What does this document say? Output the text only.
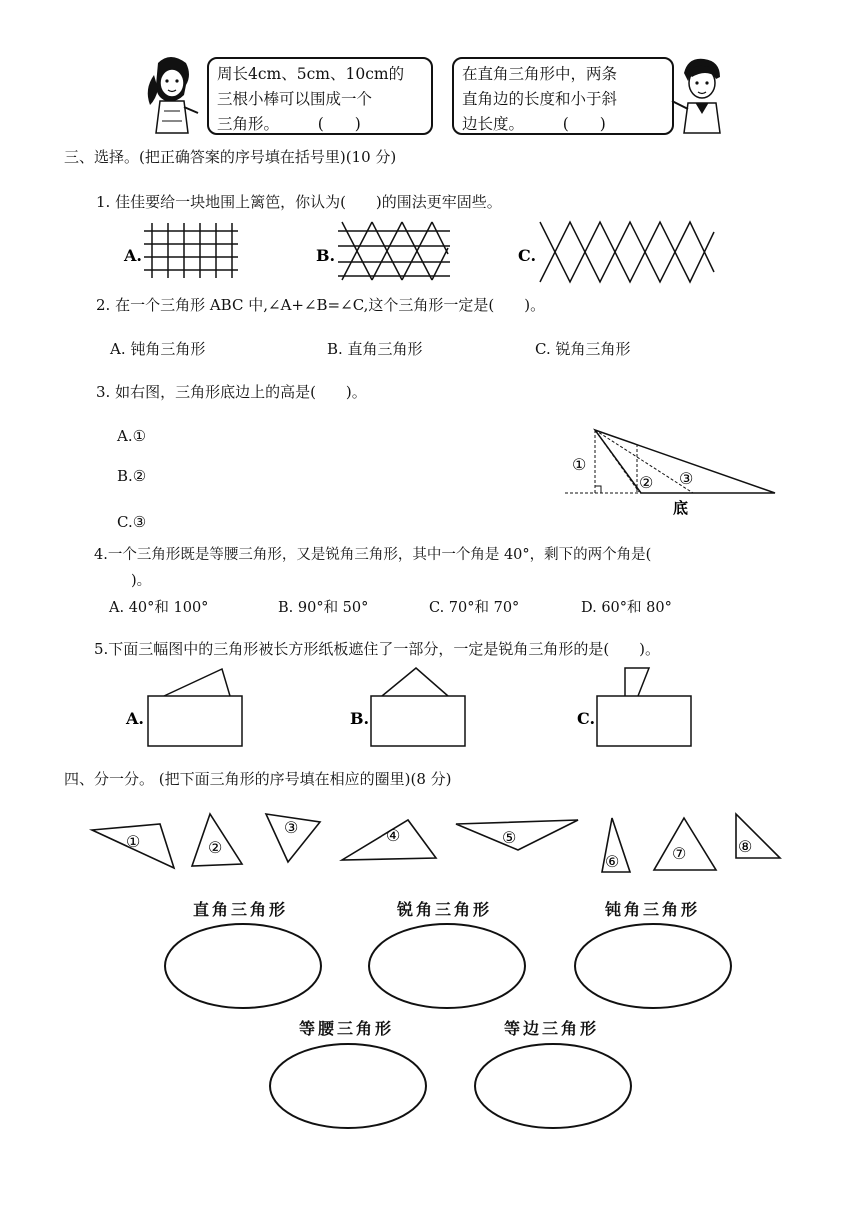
周长4cm、5cm、10cm的
三根小棒可以围成一个
三角形。　　　(　　)
在直角三角形中，两条
直角边的长度和小于斜
边长度。　　　(　　)
三、选择。(把正确答案的序号填在括号里)(10 分)
1. 佳佳要给一块地围上篱笆，你认为(　　)的围法更牢固些。
A.	B.	C.
2. 在一个三角形 ABC 中,∠A+∠B=∠C,这个三角形一定是(　　)。
A. 钝角三角形	B. 直角三角形	C. 锐角三角形
3. 如右图，三角形底边上的高是(　　)。
A.①
B.②
C.③
①
② ③
底
4.一个三角形既是等腰三角形，又是锐角三角形，其中一个角是 40°，剩下的两个角是(
)。
A. 40°和 100°	B. 90°和 50°	C. 70°和 70°	D. 60°和 80°
5.下面三幅图中的三角形被长方形纸板遮住了一部分，一定是锐角三角形的是(　　)。
A.	B.	C.
四、分一分。 (把下面三角形的序号填在相应的圈里)(8 分)
①	②
③	④	⑤
⑥	⑦	⑧
直角三角形	锐角三角形	钝角三角形
等腰三角形	等边三角形
